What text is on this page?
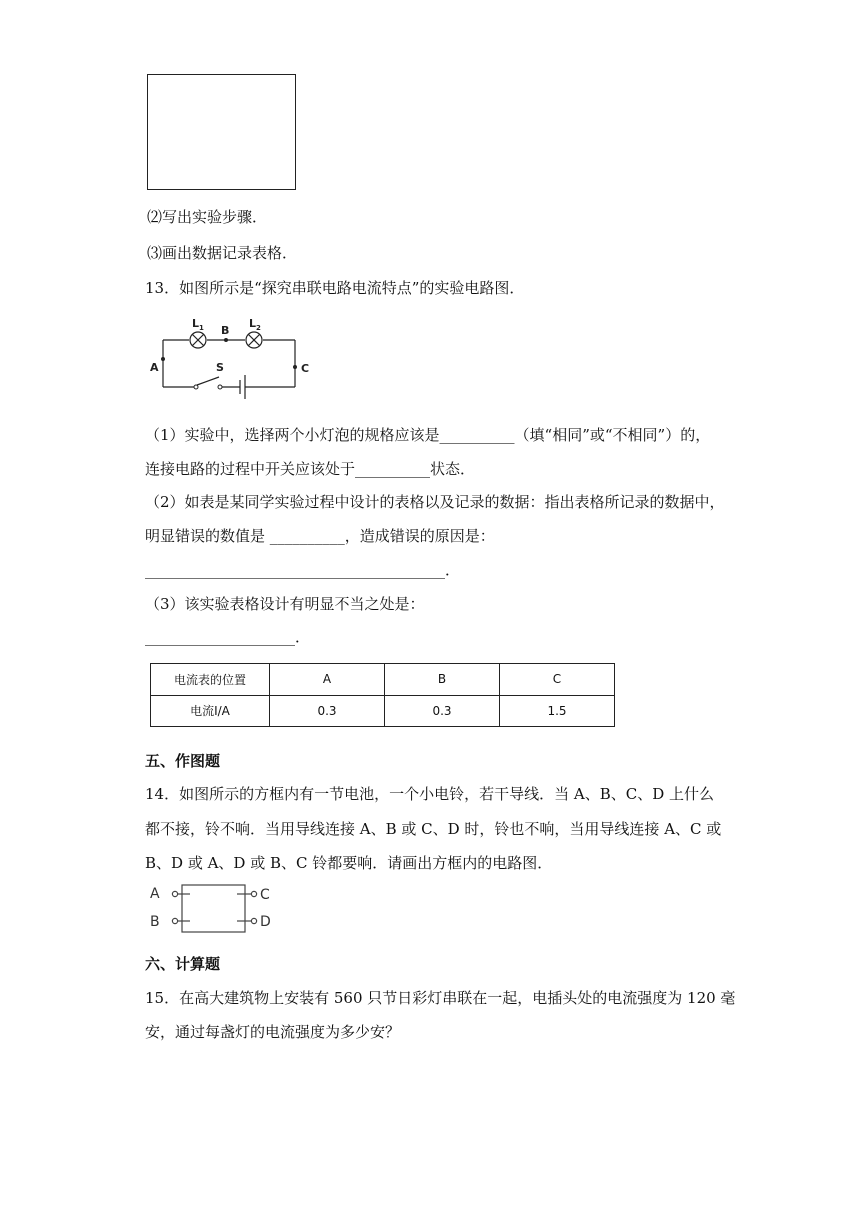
⑵写出实验步骤．
⑶画出数据记录表格．
13．如图所示是“探究串联电路电流特点”的实验电路图．
L 1 B
L 2
A	C
S
（1）实验中，选择两个小灯泡的规格应该是__________（填“相同”或“不相同”）的，
连接电路的过程中开关应该处于__________状态．
（2）如表是某同学实验过程中设计的表格以及记录的数据：指出表格所记录的数据中，
明显错误的数值是 __________，造成错误的原因是：
________________________________________．
（3）该实验表格设计有明显不当之处是：
____________________．
电流表的位置	A	B	C
电流I/A	0.3	0.3	1.5
五、作图题
14．如图所示的方框内有一节电池，一个小电铃，若干导线．当 A、B、C、D 上什么
都不接，铃不响．当用导线连接 A、B 或 C、D 时，铃也不响，当用导线连接 A、C 或
B、D 或 A、D 或 B、C 铃都要响．请画出方框内的电路图．
A
B
C
D
六、计算题
15．在高大建筑物上安装有 560 只节日彩灯串联在一起，电插头处的电流强度为 120 毫
安，通过每盏灯的电流强度为多少安？
